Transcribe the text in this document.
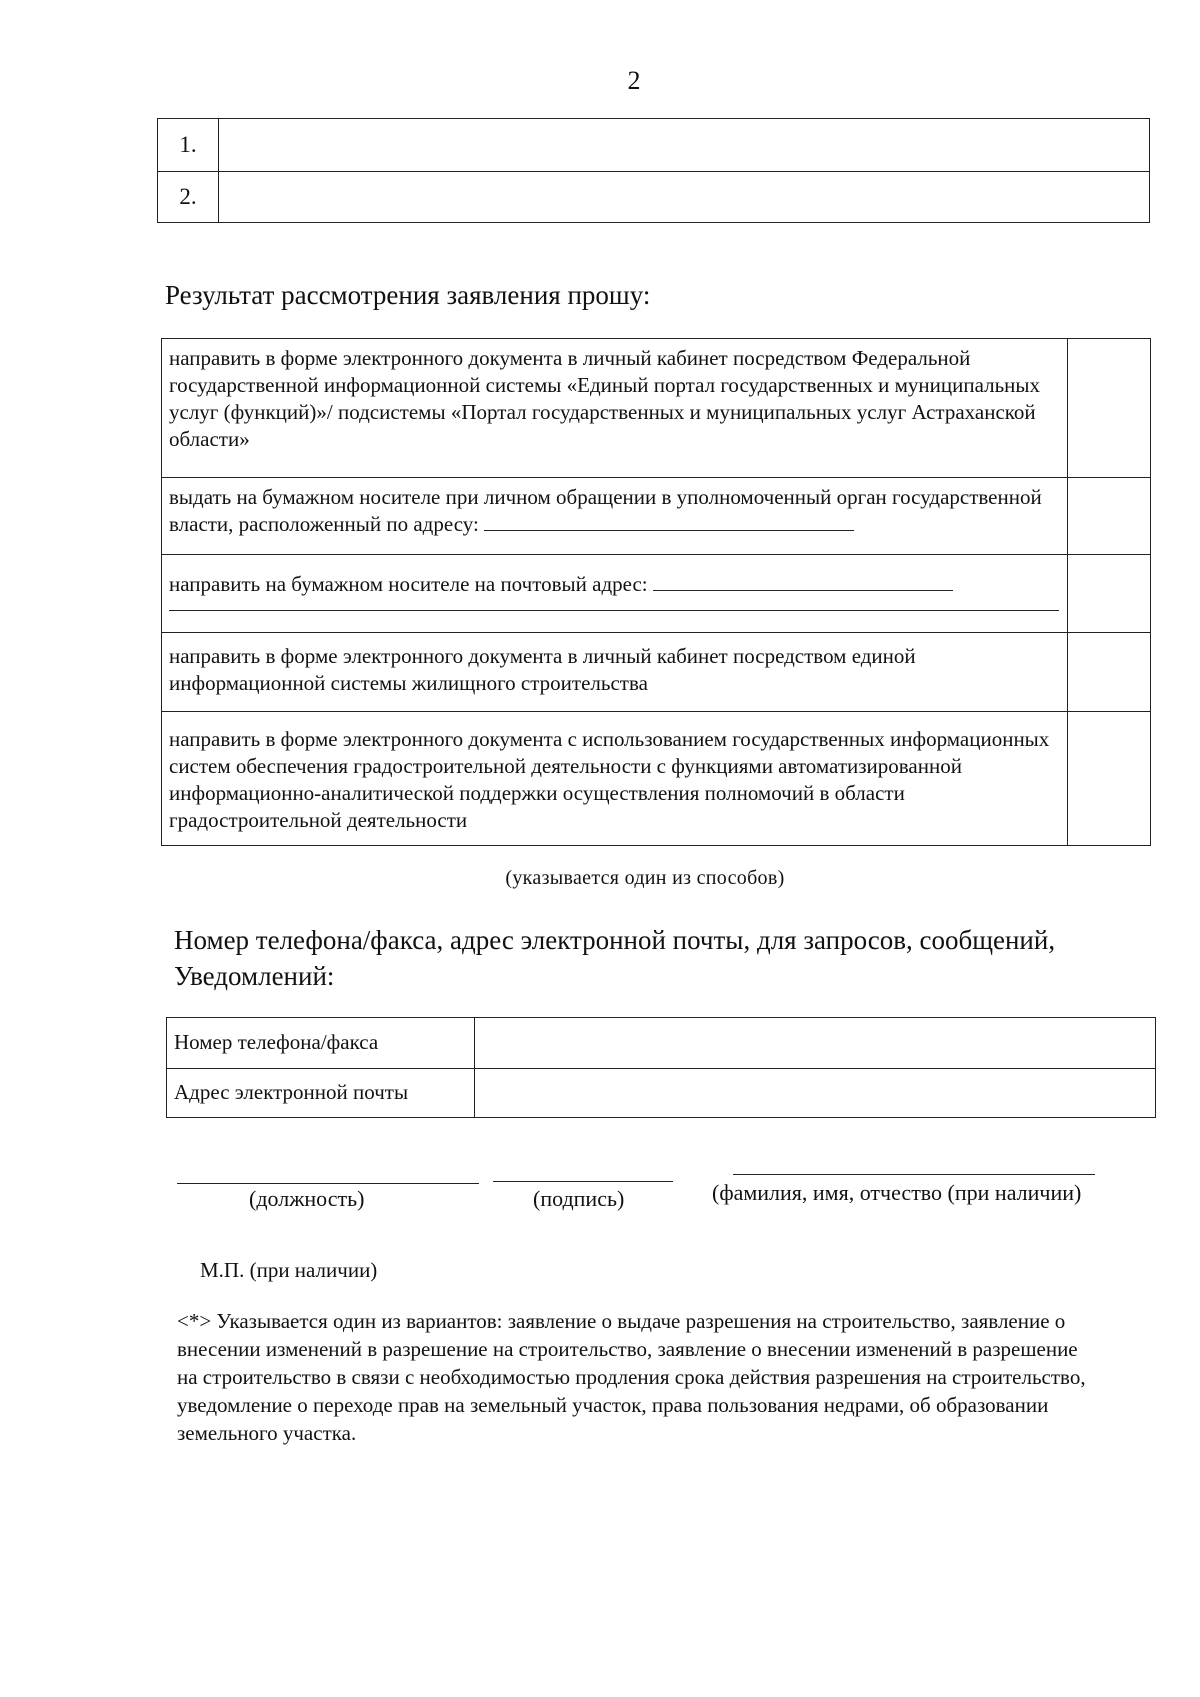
2
1.
2.
Результат рассмотрения заявления прошу:
направить в форме электронного документа в личный кабинет посредством Федеральной государственной информационной системы «Единый портал государственных и муниципальных услуг (функций)»/ подсистемы «Портал государственных и муниципальных услуг Астраханской области»
выдать на бумажном носителе при личном обращении в уполномоченный орган государственной власти, расположенный по адресу:
направить на бумажном носителе на почтовый адрес:
направить в форме электронного документа в личный кабинет посредством единой информационной системы жилищного строительства
направить в форме электронного документа с использованием государственных информационных систем обеспечения градостроительной деятельности с функциями автоматизированной информационно-аналитической поддержки осуществления полномочий в области градостроительной деятельности
(указывается один из способов)
Номер телефона/факса, адрес электронной почты, для запросов, сообщений, Уведомлений:
Номер телефона/факса
Адрес электронной почты
(должность)	(подпись)	(фамилия, имя, отчество (при наличии)
М.П. (при наличии)
<*> Указывается один из вариантов: заявление о выдаче разрешения на строительство, заявление о внесении изменений в разрешение на строительство, заявление о внесении изменений в разрешение на строительство в связи с необходимостью продления срока действия разрешения на строительство, уведомление о переходе прав на земельный участок, права пользования недрами, об образовании земельного участка.
